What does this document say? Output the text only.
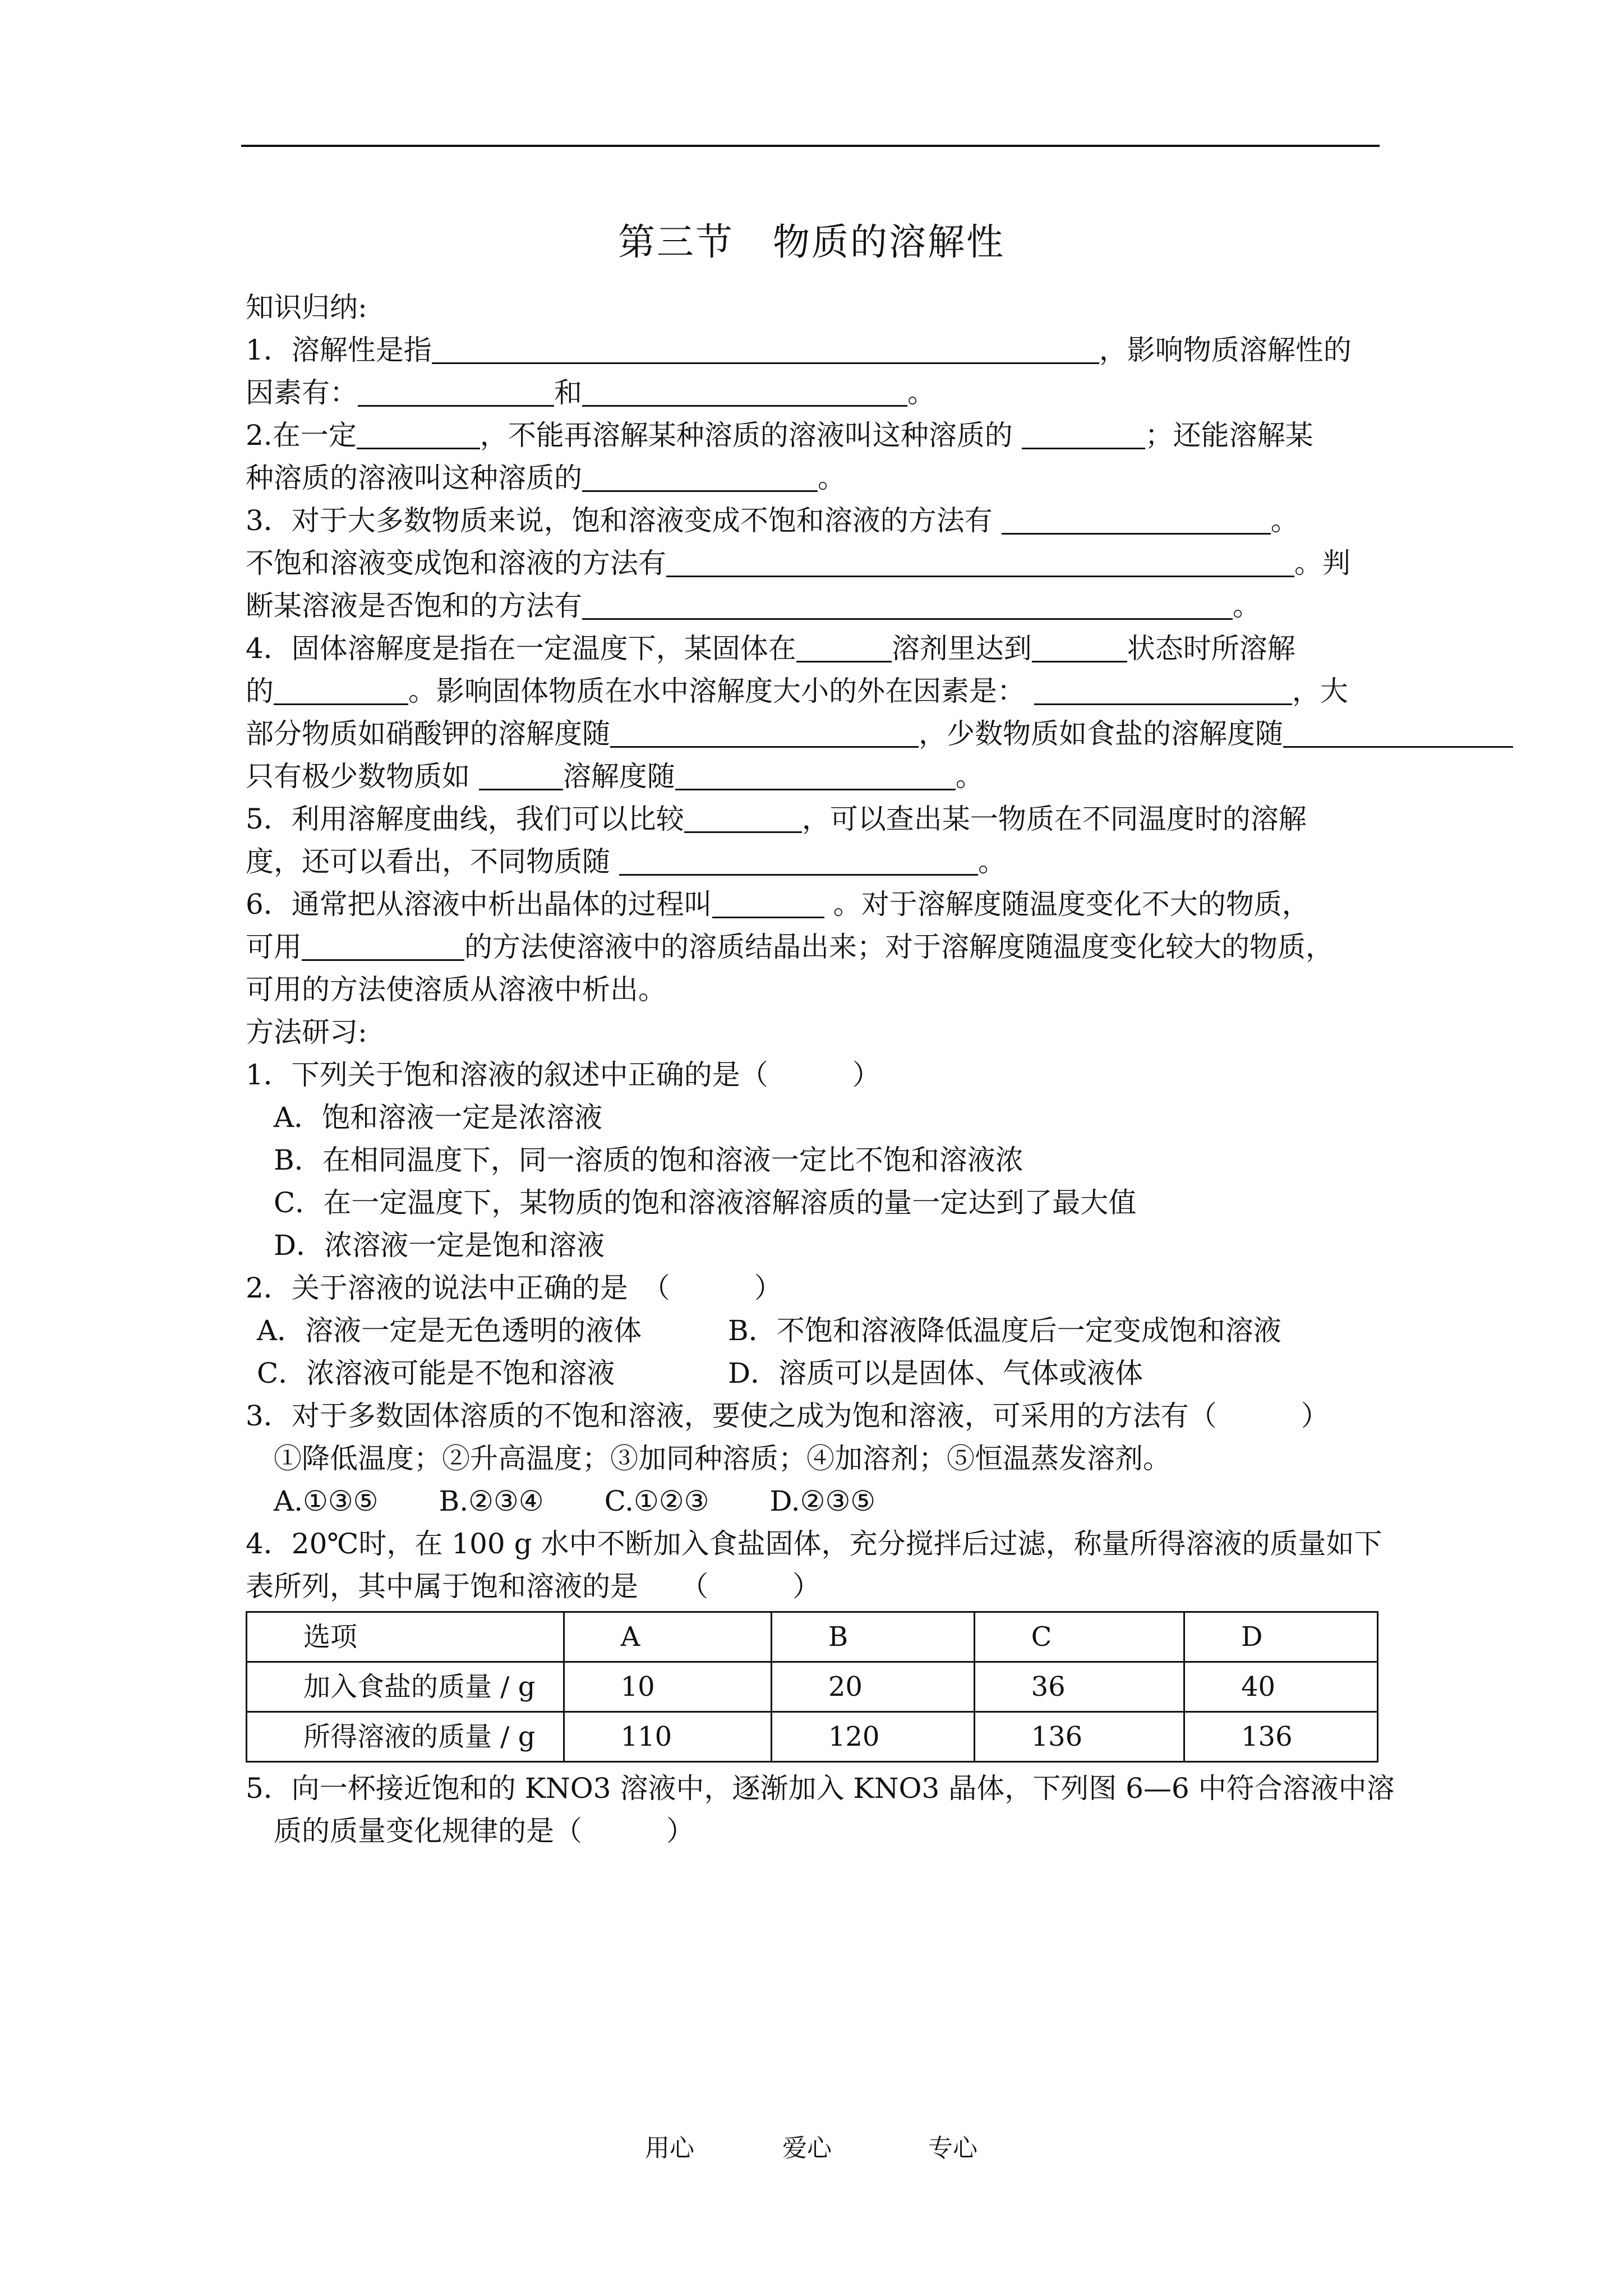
第三节　物质的溶解性
知识归纳:
1．溶解性是指	，影响物质溶解性的
因素有：	和	。
2.在一定	，不能再溶解某种溶质的溶液叫这种溶质的	；还能溶解某
种溶质的溶液叫这种溶质的	。
3．对于大多数物质来说，饱和溶液变成不饱和溶液的方法有	。
不饱和溶液变成饱和溶液的方法有	。判
断某溶液是否饱和的方法有	。
4．固体溶解度是指在一定温度下，某固体在	溶剂里达到	状态时所溶解
的	。影响固体物质在水中溶解度大小的外在因素是：	，大
部分物质如硝酸钾的溶解度随	，少数物质如食盐的溶解度随
只有极少数物质如	溶解度随	。
5．利用溶解度曲线，我们可以比较	，可以查出某一物质在不同温度时的溶解
度，还可以看出，不同物质随	。
6．通常把从溶液中析出晶体的过程叫	。对于溶解度随温度变化不大的物质，
可用	的方法使溶液中的溶质结晶出来；对于溶解度随温度变化较大的物质，
可用的方法使溶质从溶液中析出。
方法研习:
1．下列关于饱和溶液的叙述中正确的是（　　　）
A．饱和溶液一定是浓溶液
B．在相同温度下，同一溶质的饱和溶液一定比不饱和溶液浓
C．在一定温度下，某物质的饱和溶液溶解溶质的量一定达到了最大值
D．浓溶液一定是饱和溶液
2．关于溶液的说法中正确的是　（　　　）
A．溶液一定是无色透明的液体	B．不饱和溶液降低温度后一定变成饱和溶液
C．浓溶液可能是不饱和溶液	D．溶质可以是固体、气体或液体
3．对于多数固体溶质的不饱和溶液，要使之成为饱和溶液，可采用的方法有（　　　）
①降低温度；②升高温度；③加同种溶质；④加溶剂；⑤恒温蒸发溶剂。
A.①③⑤ B.②③④ C.①②③ D.②③⑤
4．20℃时，在 100 g 水中不断加入食盐固体，充分搅拌后过滤，称量所得溶液的质量如下
表所列，其中属于饱和溶液的是　　（　　　）
选项	A	B	C	D
加入食盐的质量 / g	10	20	36	40
所得溶液的质量 / g	110	120	136	136
5．向一杯接近饱和的 KNO3 溶液中，逐渐加入 KNO3 晶体，下列图 6—6 中符合溶液中溶
质的质量变化规律的是（　　　）
用心	爱心	专心
